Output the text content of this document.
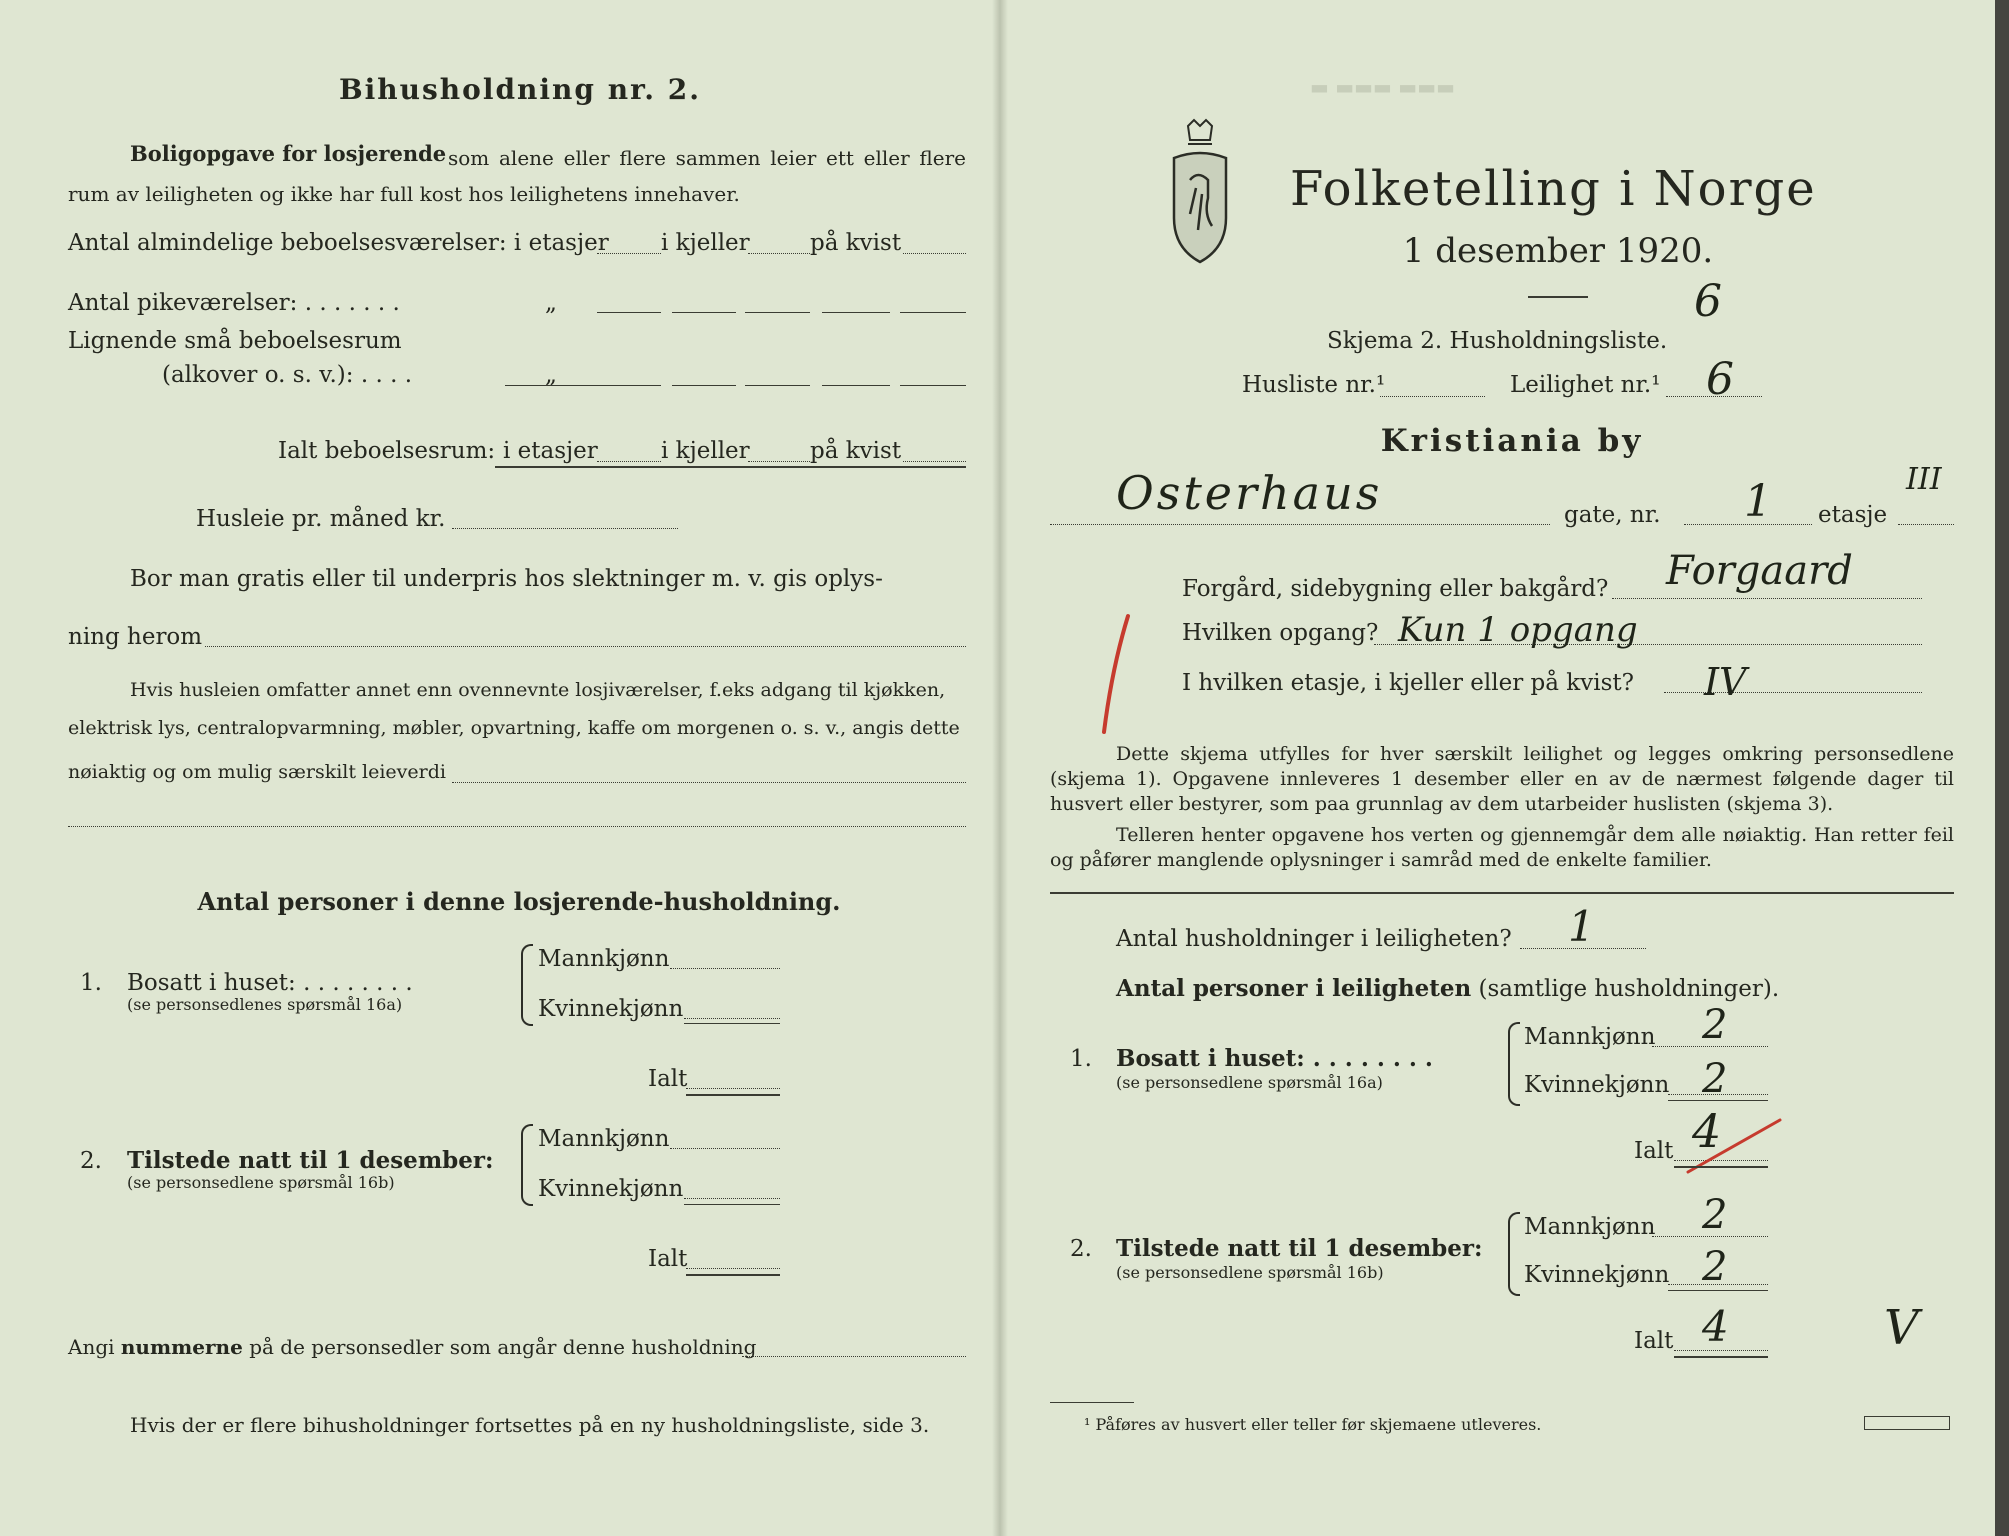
Bihusholdning nr. 2.
Boligopgave for losjerende som alene eller flere sammen leier ett eller flere rum av leiligheten og ikke har full kost hos leilighetens innehaver.
Antal almindelige beboelsesværelser: i etasjer i kjeller	på kvist
Antal pikeværelser: . . . . . . .	„
Lignende små beboelsesrum
(alkover o. s. v.): . . . .	„
Ialt beboelsesrum: i etasjer	i kjeller	på kvist
Husleie pr. måned kr.
Bor man gratis eller til underpris hos slektninger m. v. gis oplys-
ning herom
Hvis husleien omfatter annet enn ovennevnte losjiværelser, f.eks adgang til kjøkken,
elektrisk lys, centralopvarmning, møbler, opvartning, kaffe om morgenen o. s. v., angis dette
nøiaktig og om mulig særskilt leieverdi
Antal personer i denne losjerende-husholdning.
1. Bosatt i huset: . . . . . . . .
(se personsedlenes spørsmål 16a)
Mannkjønn
Kvinnekjønn
Ialt
2. Tilstede natt til 1 desember:
(se personsedlene spørsmål 16b)
Mannkjønn
Kvinnekjønn
Ialt
Angi nummerne på de personsedler som angår denne husholdning
Hvis der er flere bihusholdninger fortsettes på en ny husholdningsliste, side 3.
▬ ▬▬▬ ▬▬▬
Folketelling i Norge
1 desember 1920.
Skjema 2. Husholdningsliste.
6
Husliste nr.¹	Leilighet nr.¹ 6
Kristiania by
Osterhaus	gate, nr. 1 etasje
III
Forgård, sidebygning eller bakgård? Forgaard
Hvilken opgang? Kun 1 opgang
I hvilken etasje, i kjeller eller på kvist? IV
Dette skjema utfylles for hver særskilt leilighet og legges omkring personsedlene (skjema 1). Opgavene innleveres 1 desember eller en av de nærmest følgende dager til husvert eller bestyrer, som paa grunnlag av dem utarbeider huslisten (skjema 3).
Telleren henter opgavene hos verten og gjennemgår dem alle nøiaktig. Han retter feil og påfører manglende oplysninger i samråd med de enkelte familier.
Antal husholdninger i leiligheten? 1
Antal personer i leiligheten (samtlige husholdninger).
1. Bosatt i huset: . . . . . . . .
(se personsedlene spørsmål 16a)
Mannkjønn 2
Kvinnekjønn 2
Ialt 4
2. Tilstede natt til 1 desember:
(se personsedlene spørsmål 16b)
Mannkjønn 2
Kvinnekjønn 2
Ialt 4	V
¹ Påføres av husvert eller teller før skjemaene utleveres.
